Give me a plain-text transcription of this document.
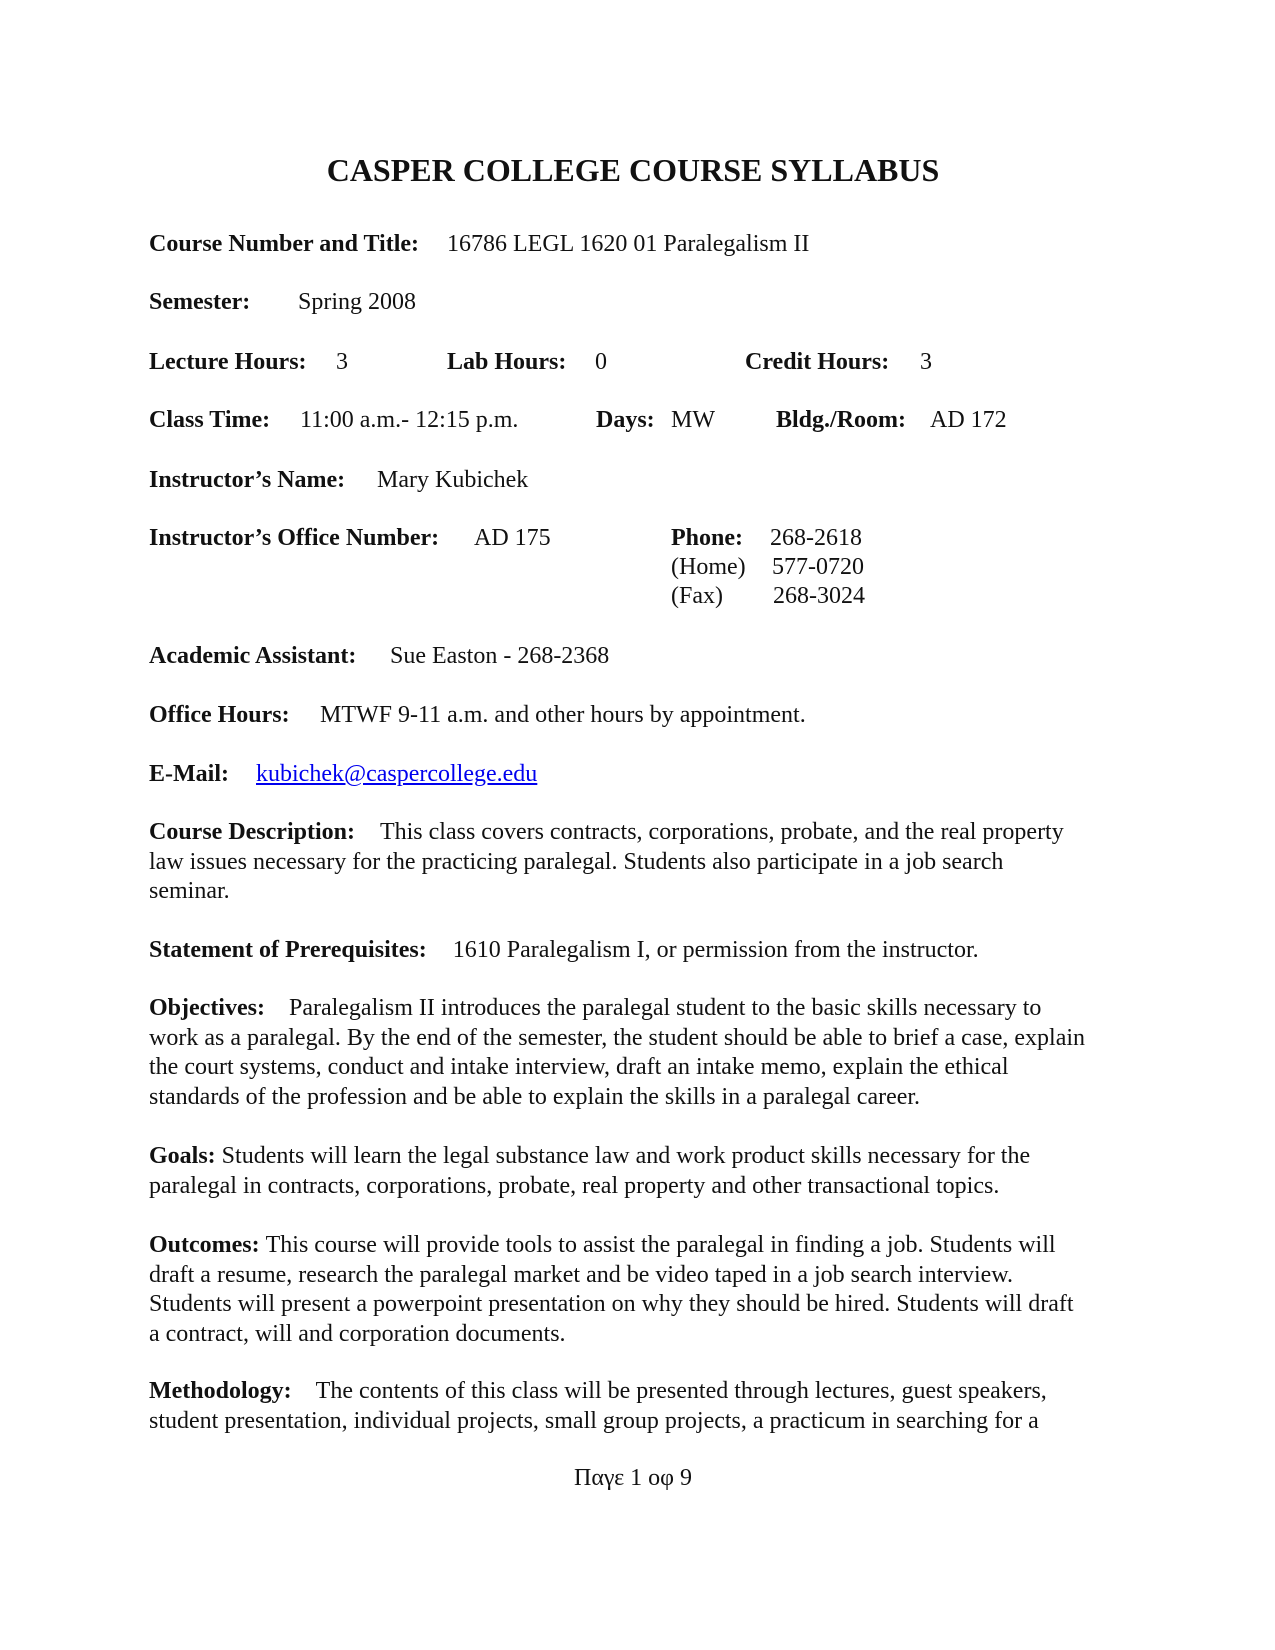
CASPER COLLEGE COURSE SYLLABUS
Course Number and Title: 16786 LEGL 1620 01 Paralegalism II
Semester: Spring 2008
Lecture Hours: 3	Lab Hours: 0	Credit Hours: 3
Class Time: 11:00 a.m.- 12:15 p.m.	Days: MW	Bldg./Room: AD 172
Instructor’s Name: Mary Kubichek
Instructor’s Office Number: AD 175	Phone: 268-2618
(Home) 577-0720
(Fax) 268-3024
Academic Assistant: Sue Easton - 268-2368
Office Hours: MTWF 9-11 a.m. and other hours by appointment.
E-Mail: kubichek@caspercollege.edu
Course Description: This class covers contracts, corporations, probate, and the real property
law issues necessary for the practicing paralegal. Students also participate in a job search
seminar.
Statement of Prerequisites: 1610 Paralegalism I, or permission from the instructor.
Objectives: Paralegalism II introduces the paralegal student to the basic skills necessary to
work as a paralegal. By the end of the semester, the student should be able to brief a case, explain
the court systems, conduct and intake interview, draft an intake memo, explain the ethical
standards of the profession and be able to explain the skills in a paralegal career.
Goals: Students will learn the legal substance law and work product skills necessary for the
paralegal in contracts, corporations, probate, real property and other transactional topics.
Outcomes: This course will provide tools to assist the paralegal in finding a job. Students will
draft a resume, research the paralegal market and be video taped in a job search interview.
Students will present a powerpoint presentation on why they should be hired. Students will draft
a contract, will and corporation documents.
Methodology: The contents of this class will be presented through lectures, guest speakers,
student presentation, individual projects, small group projects, a practicum in searching for a
Παγε 1 οφ 9
